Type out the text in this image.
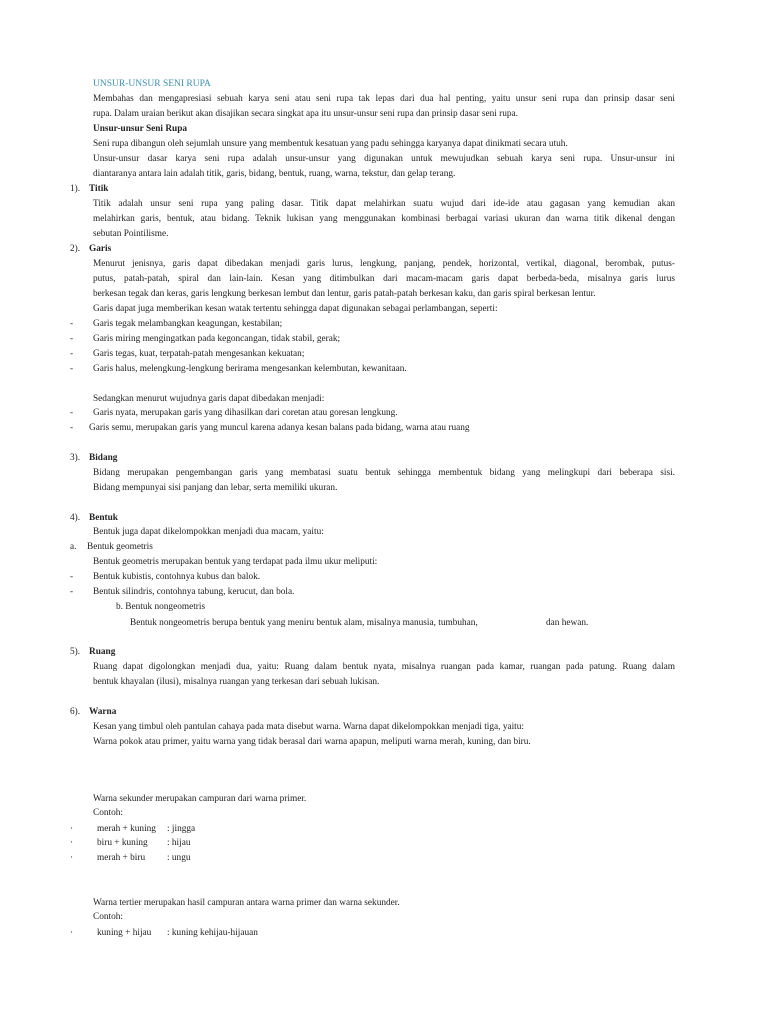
UNSUR-UNSUR SENI RUPA
Membahas dan mengapresiasi sebuah karya seni atau seni rupa tak lepas dari dua hal penting, yaitu unsur seni rupa dan prinsip dasar seni
rupa. Dalam uraian berikut akan disajikan secara singkat apa itu unsur-unsur seni rupa dan prinsip dasar seni rupa.
Unsur-unsur Seni Rupa
Seni rupa dibangun oleh sejumlah unsure yang membentuk kesatuan yang padu sehingga karyanya dapat dinikmati secara utuh.
Unsur-unsur dasar karya seni rupa adalah unsur-unsur yang digunakan untuk mewujudkan sebuah karya seni rupa. Unsur-unsur ini
diantaranya antara lain adalah titik, garis, bidang, bentuk, ruang, warna, tekstur, dan gelap terang.
1). Titik
Titik adalah unsur seni rupa yang paling dasar. Titik dapat melahirkan suatu wujud dari ide-ide atau gagasan yang kemudian akan
melahirkan garis, bentuk, atau bidang. Teknik lukisan yang menggunakan kombinasi berbagai variasi ukuran dan warna titik dikenal dengan
sebutan Pointilisme.
2). Garis
Menurut jenisnya, garis dapat dibedakan menjadi garis lurus, lengkung, panjang, pendek, horizontal, vertikal, diagonal, berombak, putus-
putus, patah-patah, spiral dan lain-lain. Kesan yang ditimbulkan dari macam-macam garis dapat berbeda-beda, misalnya garis lurus
berkesan tegak dan keras, garis lengkung berkesan lembut dan lentur, garis patah-patah berkesan kaku, dan garis spiral berkesan lentur.
Garis dapat juga memberikan kesan watak tertentu sehingga dapat digunakan sebagai perlambangan, seperti:
- Garis tegak melambangkan keagungan, kestabilan;
- Garis miring mengingatkan pada kegoncangan, tidak stabil, gerak;
- Garis tegas, kuat, terpatah-patah mengesankan kekuatan;
- Garis halus, melengkung-lengkung berirama mengesankan kelembutan, kewanitaan.
Sedangkan menurut wujudnya garis dapat dibedakan menjadi:
- Garis nyata, merupakan garis yang dihasilkan dari coretan atau goresan lengkung.
- Garis semu, merupakan garis yang muncul karena adanya kesan balans pada bidang, warna atau ruang
3). Bidang
Bidang merupakan pengembangan garis yang membatasi suatu bentuk sehingga membentuk bidang yang melingkupi dari beberapa sisi.
Bidang mempunyai sisi panjang dan lebar, serta memiliki ukuran.
4). Bentuk
Bentuk juga dapat dikelompokkan menjadi dua macam, yaitu:
a. Bentuk geometris
Bentuk geometris merupakan bentuk yang terdapat pada ilmu ukur meliputi:
- Bentuk kubistis, contohnya kubus dan balok.
- Bentuk silindris, contohnya tabung, kerucut, dan bola.
b. Bentuk nongeometris
Bentuk nongeometris berupa bentuk yang meniru bentuk alam, misalnya manusia, tumbuhan,	dan hewan.
5). Ruang
Ruang dapat digolongkan menjadi dua, yaitu: Ruang dalam bentuk nyata, misalnya ruangan pada kamar, ruangan pada patung. Ruang dalam
bentuk khayalan (ilusi), misalnya ruangan yang terkesan dari sebuah lukisan.
6). Warna
Kesan yang timbul oleh pantulan cahaya pada mata disebut warna. Warna dapat dikelompokkan menjadi tiga, yaitu:
Warna pokok atau primer, yaitu warna yang tidak berasal dari warna apapun, meliputi warna merah, kuning, dan biru.
Warna sekunder merupakan campuran dari warna primer.
Contoh:
·	merah + kuning	: jingga
·	biru + kuning	: hijau
·	merah + biru	: ungu
Warna tertier merupakan hasil campuran antara warna primer dan warna sekunder.
Contoh:
·	kuning + hijau	: kuning kehijau-hijauan
